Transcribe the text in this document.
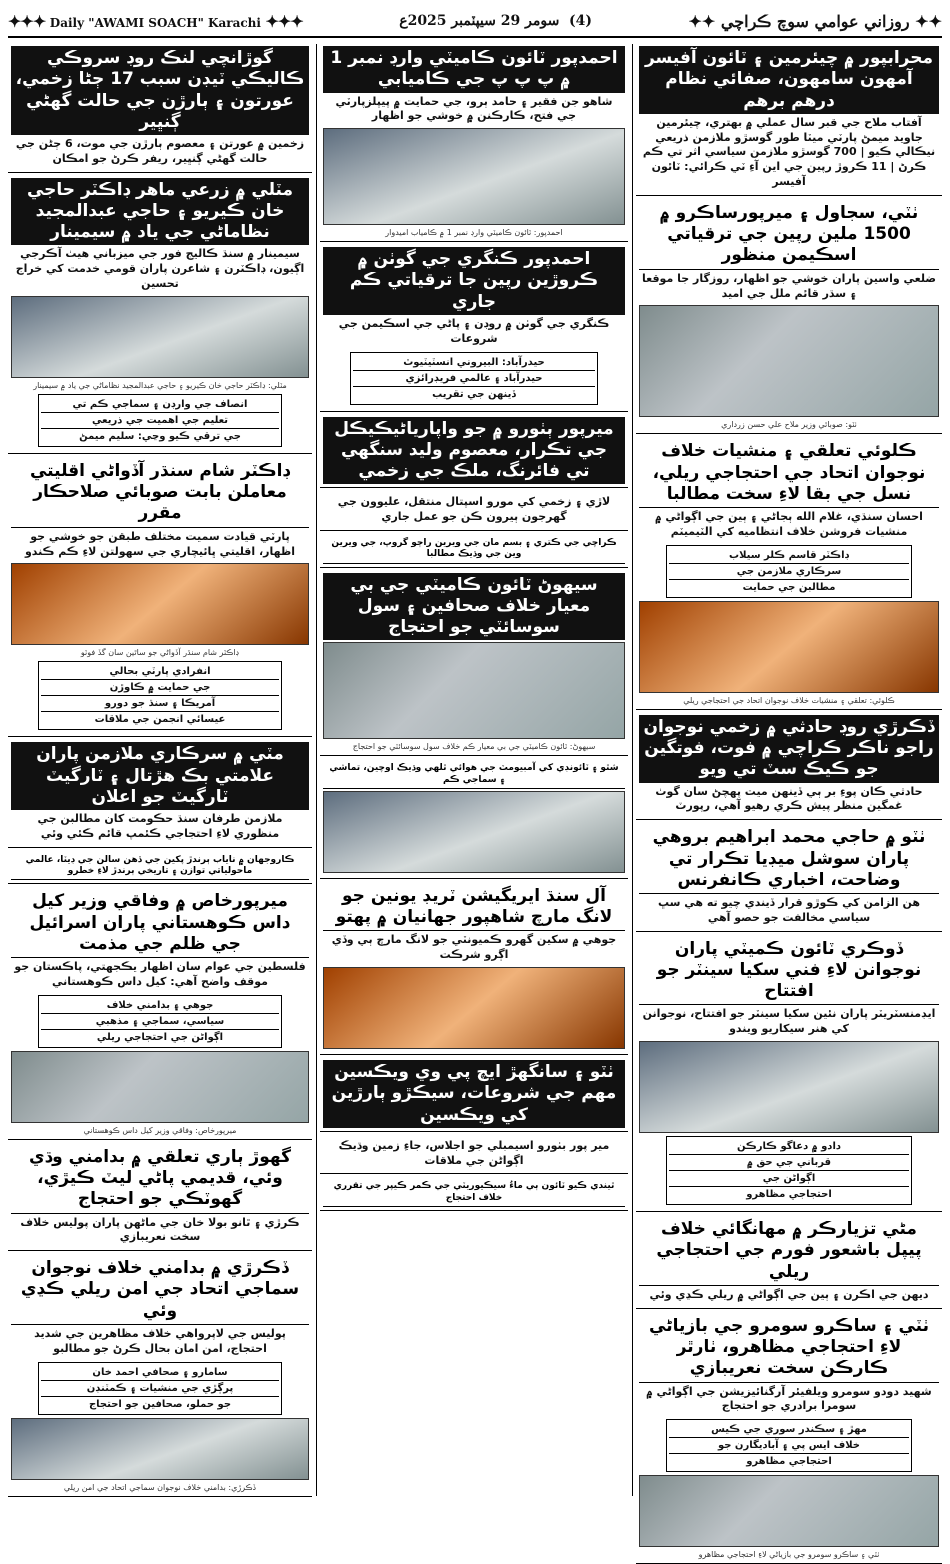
✦✦✦ Daily "AWAMI SOACH" Karachi ✦✦✦	(4)  سومر 29 سيپٽمبر 2025ع	✦✦ روزاني عوامي سوچ ڪراچي ✦✦
محرابپور ۾ چيئرمين ۽ ٽائون آفيسر آمهون سامهون، صفائي نظام درهم برهم
آفتاب ملاح جي قبر سال عملي ۾ بهتري، چيئرمين جاويد ميمڻ پارٽي ميٽا طور گوسڙو ملازمن ذريعي نيڪالي ڪيو | 700 گوسڙو ملازمن سياسي اثر تي ڪم ڪرڻ | 11 ڪروڙ رپين جي اين آءِ ٽي ڪرائي: ٽائون آفيسر
ٺٽي، سجاول ۽ ميرپورساڪرو ۾ 1500 ملين رپين جي ترقياتي اسڪيمن منظور
ضلعي واسين پاران خوشي جو اظهار، روزگار جا موقعا ۽ سڌر قائم ملل جي اميد
ٺٽو: صوبائي وزير ملاح علي حسن زرداري
ڪلوئي تعلقي ۽ منشيات خلاف نوجوان اتحاد جي احتجاجي ريلي، نسل جي بقا لاءِ سخت مطالبا
احسان سنڌي، غلام الله ٻجاڻي ۽ ٻين جي اڳواڻي ۾ منشيات فروشن خلاف انتظاميه کي الٽيميٽم
ڊاڪٽر قاسم ڪلر سيلاب
سرڪاري ملازمن جي
مطالبن جي حمايت
ڪلوئي: تعلقي ۽ منشيات خلاف نوجوان اتحاد جي احتجاجي ريلي
ڏڪرڙي روڊ حادثي ۾ زخمي نوجوان راجو ناڪر ڪراچي ۾ فوت، فوتگين جو ڪيڪ سٽ تي ويو
حادثي ڪان پوءِ بر ٻي ڏينهن ميت پهچڻ سان گوٺ غمگين منظر پيش ڪري رهيو آهي، رپورٽ
ٺٽو ۾ حاجي محمد ابراهيم بروهي پاران سوشل ميڊيا تڪرار تي وضاحت، اخباري ڪانفرنس
هن الزامن کي ڪوڙو قرار ڏيندي چيو ته هي سڀ سياسي مخالفت جو حصو آهي
ڏوڪري ٽائون ڪميٽي پاران نوجوانن لاءِ فني سکيا سينٽر جو افتتاح
ايڊمنسٽريٽر پاران نئين سکيا سينٽر جو افتتاح، نوجوانن کي هنر سيکاريو ويندو
دادو ۾ دعاگو ڪارڪن
قرباني جي حق ۾
اڳواڻن جي
احتجاجي مظاهرو
مڻي تزيارڪر ۾ مهانگائي خلاف پيپل باشعور فورم جي احتجاجي ريلي
ديهن جي اڪرن ۽ ٻين جي اڳواڻي ۾ ريلي ڪڍي وئي
ٺٽي ۽ ساڪرو سومرو جي بازياڻي لاءِ احتجاجي مظاهرو، ٺارٿر ڪارڪن سخت نعريبازي
شهيد دودو سومرو ويلفيئر آرگنائيزيشن جي اڳواڻي ۾ سومرا برادري جو احتجاج
مهڙ ۽ سڪندر سوري جي ڪيس
خلاف ايس پي ۽ آباديگارن جو
احتجاجي مظاهرو
ٺٽي ۽ ساڪرو سومرو جي بازياڻي لاءِ احتجاجي مظاهرو
احمدپور ٽائون ڪاميٽي وارڊ نمبر 1 ۾ پ پ پ جي ڪاميابي
شاهو جن فقير ۽ حامد ٻرو، جي حمايت ۾ پيپلزپارٽي جي فتح، ڪارڪنن ۾ خوشي جو اظهار
احمدپور: ٽائون ڪاميٽي وارڊ نمبر 1 ۾ ڪامياب اميدوار
احمدپور ڪنگري جي گوٺن ۾ ڪروڙين رپين جا ترقياتي ڪم جاري
ڪنگري جي گوٺن ۾ روڊن ۽ پاڻي جي اسڪيمن جي شروعات
حيدرآباد: البيروني انسٽيٽيوٽ
حيدرآباد ۽ عالمي فريڊرائزي
ڏينهن جي تقريب
ميرپور ٻٺورو ۾ جو واپارياڻيڪيڪل جي تڪرار، معصوم وليد سنگهي تي فائرنگ، ملڪ جي زخمي
لاڙي ۽ زخمي کي مورو اسپتال منتقل، عليوون جي گهرجون ٻيرون ڪن جو عمل جاري
ڪراچي جي ڪتري ۽ بسم مان جي ويرين راڄو گروپ، جي ويرين وين جي وڌيڪ مطالبا
سيهوڻ ٽائون ڪاميٽي جي بي معيار خلاف صحافين ۽ سول سوسائٽي جو احتجاج
سيهوڻ: ٽائون ڪاميٽي جي بي معيار ڪم خلاف سول سوسائٽي جو احتجاج
شٿو ۽ ٽائونڊي کي آمبيومٽ جي هوائي ٿلهي وڌيڪ اوچين، تماشي ۽ سماجي ڪم
آل سنڌ ايريگيشن ٽريڊ يونين جو لانگ مارچ شاهپور جهانيان ۾ پهتو
جوهي ۾ سکين گهرو ڪميونٽي جو لانگ مارچ ٻي وڏي اڳرو شرڪت
ٺٽو ۽ سانگهڙ ايچ پي وي ويڪسين مهم جي شروعات، سيڪڙو ٻارڙين کي ويڪسين
مير پور بٺورو اسيمبلي جو اجلاس، جاءِ زمين وڌيڪ اڳواڻن جي ملاقات
ٿيندي ڪيو ٽائون ٻي ماءُ سيڪيوريٽي جي ڪمر ڪيپر جي تقرري خلاف احتجاج
گوڙانچي لنڪ روڊ سروڪي ڪاليڪي ٽيڊن سبب 17 ڄڻا زخمي، عورتون ۽ ٻارڙن جي حالت گهڻي ڳنڀير
زخمين ۾ عورتن ۽ معصوم ٻارڙن جي موت، 6 ڄڻن جي حالت گهڻي ڳنڀير، ريفر ڪرڻ جو امڪان
مٽلي ۾ زرعي ماهر ڊاڪٽر حاجي خان ڪيريو ۽ حاجي عبدالمجيد نظاماڻي جي ياد ۾ سيمينار
سيمينار ۾ سنڌ ڪاليج فور جي ميزباني هيٺ آڪرجي اڳيون، ڊاڪٽرن ۽ شاعرن پاران قومي خدمت کي خراج تحسين
مٽلي: ڊاڪٽر حاجي خان ڪيريو ۽ حاجي عبدالمجيد نظاماڻي جي ياد ۾ سيمينار
انصاف جي وارڊن ۽ سماجي ڪم تي
تعليم جي اهميت جي ذريعي
جي ترقي ڪيو وڃي: سليم ميمڻ
ڊاڪٽر شام سنڌر آڏواڻي اقليتي معاملن بابت صوبائي صلاحڪار مقرر
پارٽي قيادت سميت مختلف طبقن جو خوشي جو اظهار، اقليتي ڀائيچاري جي سهولتن لاءِ ڪم ڪندو
ڊاڪٽر شام سنڌر آڏواڻي جو ساٿين سان گڏ فوٽو
انفرادي پارٽي بحالي
جي حمايت ۾ ڪاوڙن
آمريڪا ۽ سنڌ جو دورو
عيسائي انجمن جي ملاقات
مٽي ۾ سرڪاري ملازمن پاران علامتي بڪ هڙتال ۽ ٽارگيٽ ٽارگيٽ جو اعلان
ملازمن طرفان سنڌ حڪومت کان مطالبن جي منظوري لاءِ احتجاجي ڪئمپ قائم ڪئي وئي
ڪاروجهان ۾ ناياب ٻرندڙ پکين جي ڏهن سالن جي ڊيٽا، عالمي ماحولياتي توازن ۽ تاريخي ٻرندڙ لاءِ خطرو
ميرپورخاص ۾ وفاقي وزير کيل داس ڪوهستاني پاران اسرائيل جي ظلم جي مذمت
فلسطين جي عوام سان اظهار يڪجهتي، پاڪستان جو موقف واضح آهي: کيل داس ڪوهستاني
جوهي ۽ بدامني خلاف
سياسي، سماجي ۽ مذهبي
اڳواڻن جي احتجاجي ريلي
ميرپورخاص: وفاقي وزير کيل داس ڪوهستاني
گهوڙ ٻاري تعلقي ۾ بدامني وڌي وئي، قديمي پاڻي ليٽ ڪيڙي، گهوٽڪي جو احتجاج
ڪرڙي ۽ ٿانو بولا خان جي ماڻهن پاران پوليس خلاف سخت نعريبازي
ڏڪرڙي ۾ بدامني خلاف نوجوان سماجي اتحاد جي امن ريلي ڪڍي وئي
پوليس جي لاپرواهي خلاف مظاهرين جي شديد احتجاج، امن امان بحال ڪرڻ جو مطالبو
سامارو ۽ صحافي احمد خان
پرڳڙي جي منشيات ۽ ڪمٽنڊن
جو حملو، صحافين جو احتجاج
ڏڪرڙي: بدامني خلاف نوجوان سماجي اتحاد جي امن ريلي
